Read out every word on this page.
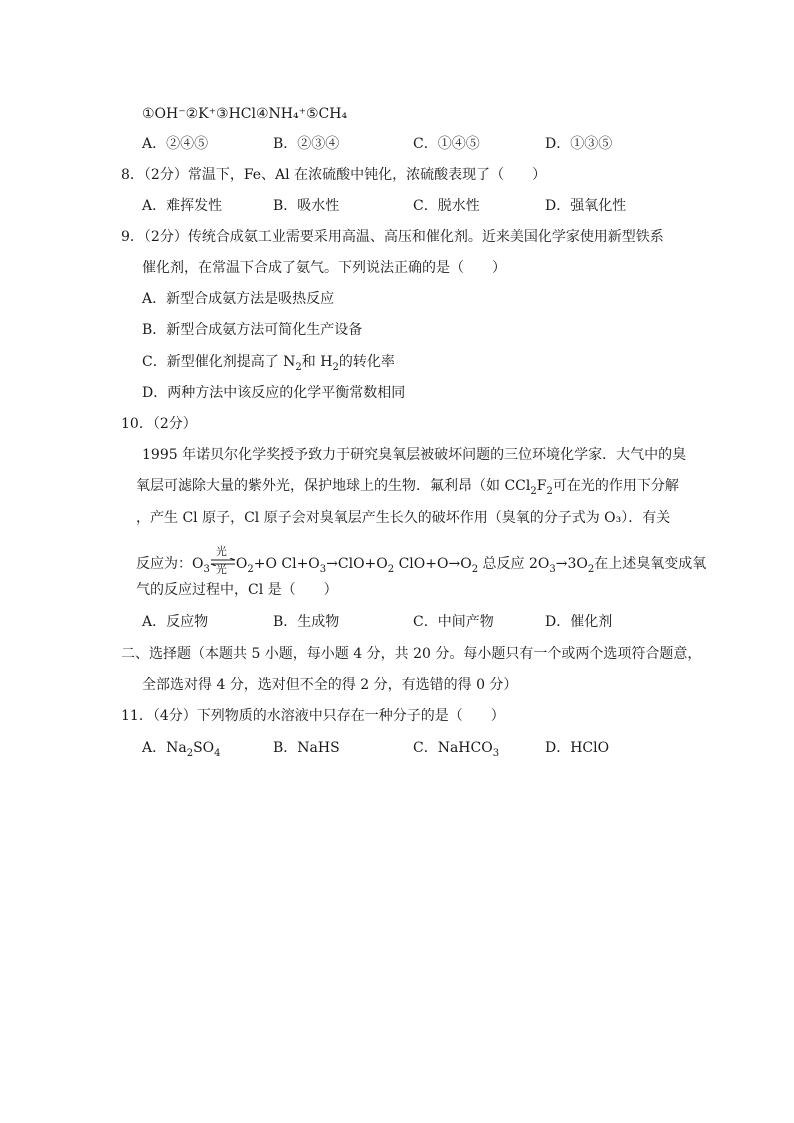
①OH⁻②K⁺③HCl④NH₄⁺⑤CH₄
A．②④⑤	B．②③④	C．①④⑤	D．①③⑤
8．（2分）常温下，Fe、Al 在浓硫酸中钝化，浓硫酸表现了（　　）
A．难挥发性	B．吸水性	C．脱水性	D．强氧化性
9．（2分）传统合成氨工业需要采用高温、高压和催化剂。近来美国化学家使用新型铁系
催化剂，在常温下合成了氨气。下列说法正确的是（　　）
A．新型合成氨方法是吸热反应
B．新型合成氨方法可简化生产设备
C．新型催化剂提高了 $N_2$和 $H_2$的转化率
D．两种方法中该反应的化学平衡常数相同
10．（2分）
1995 年诺贝尔化学奖授予致力于研究臭氧层被破坏问题的三位环境化学家．大气中的臭
氧层可滤除大量的紫外光，保护地球上的生物．氟利昂（如 $CCl_2F_2$可在光的作用下分解
，产生 Cl 原子，Cl 原子会对臭氧层产生长久的破坏作用（臭氧的分子式为 O₃）．有关
反应为：$O_3$
光
光 $O_2+O$ $Cl+O_3\to ClO+O_2$ $ClO+O\to O_2$ 总反应 $2O_3\to 3O_2$在上述臭氧变成氧
气的反应过程中，Cl 是（　　）
A．反应物	B．生成物	C．中间产物	D．催化剂
二、选择题（本题共 5 小题，每小题 4 分，共 20 分。每小题只有一个或两个选项符合题意，
全部选对得 4 分，选对但不全的得 2 分，有选错的得 0 分）
11．（4分）下列物质的水溶液中只存在一种分子的是（　　）
A．$Na_2SO_4$	B．NaHS	C．NaHCO$_3$	D．HClO
